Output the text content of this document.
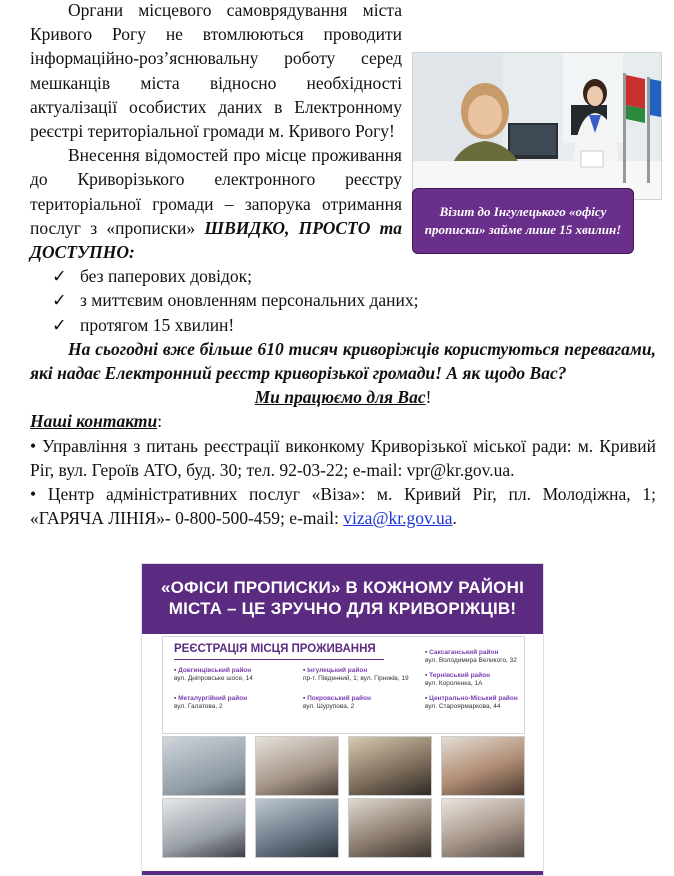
Візит до Інгулецького «офісу прописки» займе лише 15 хвилин!

Органи місцевого самоврядування міста Кривого Рогу не втомлюються проводити інформаційно-роз’яснювальну роботу серед мешканців міста відносно необхідності актуалізації особистих даних в Електронному реєстрі територіальної громади м. Кривого Рогу!

Внесення відомостей про місце проживання до Криворізького електронного реєстру територіальної громади – запорука отримання послуг з «прописки» ШВИДКО, ПРОСТО та ДОСТУПНО:

✓ без паперових довідок;
✓ з миттєвим оновленням персональних даних;
✓ протягом 15 хвилин!

На сьогодні вже більше 610 тисяч криворіжців користуються перевагами, які надає Електронний реєстр криворізької громади! А як щодо Вас?

Ми працюємо для Вас!

Наші контакти:

• Управління з питань реєстрації виконкому Криворізької міської ради: м. Кривий Ріг, вул. Героїв АТО, буд. 30; тел. 92-03-22; e-mail: vpr@kr.gov.ua.

• Центр адміністративних послуг «Віза»: м. Кривий Ріг, пл. Молодіжна, 1; «ГАРЯЧА ЛІНІЯ»- 0-800-500-459; e-mail: viza@kr.gov.ua.

«ОФІСИ ПРОПИСКИ» В КОЖНОМУ РАЙОНІ
МІСТА – ЦЕ ЗРУЧНО ДЛЯ КРИВОРІЖЦІВ!
РЕЄСТРАЦІЯ МІСЦЯ ПРОЖИВАННЯ
▪ Довгинцівський район
вул. Дніпровське шосе, 14
▪ Інгулецький район
пр-т. Південний, 1; вул. Гірників, 19
▪ Саксаганський район
вул. Володимира Великого, 32
▪ Тернівський район
вул. Короленка, 1А
▪ Металургійний район
вул. Галатова, 2
▪ Покровський район
вул. Шурупова, 2
▪ Центрально-Міський район
вул. Староярмаркова, 44
